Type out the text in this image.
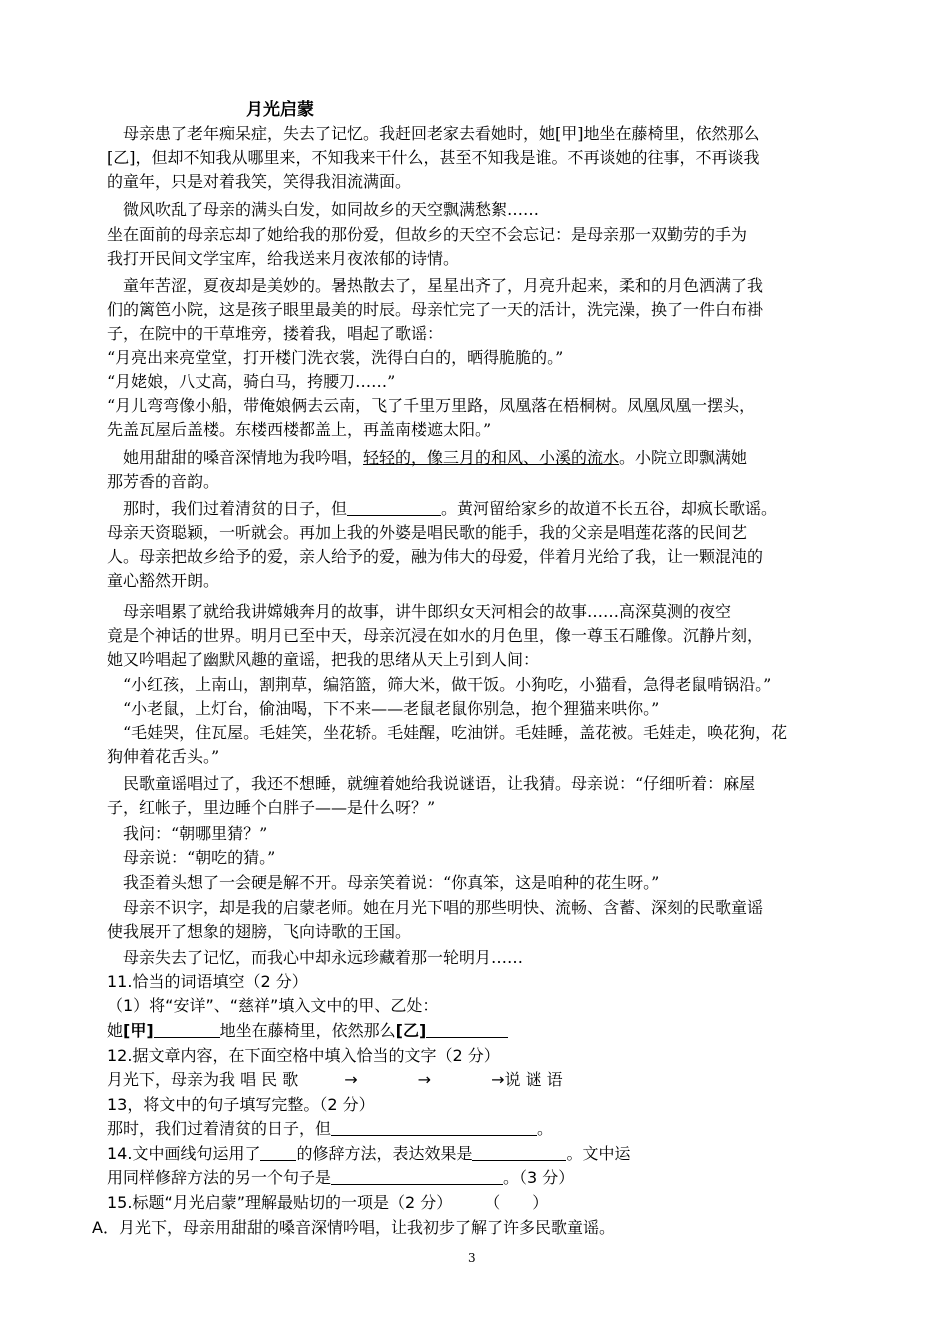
月光启蒙
　母亲患了老年痴呆症，失去了记忆。我赶回老家去看她时，她[甲]地坐在藤椅里，依然那么
[乙]，但却不知我从哪里来，不知我来干什么，甚至不知我是谁。不再谈她的往事，不再谈我
的童年，只是对着我笑，笑得我泪流满面。
　微风吹乱了母亲的满头白发，如同故乡的天空飘满愁絮……
坐在面前的母亲忘却了她给我的那份爱，但故乡的天空不会忘记：是母亲那一双勤劳的手为
我打开民间文学宝库，给我送来月夜浓郁的诗情。
　童年苦涩，夏夜却是美妙的。暑热散去了，星星出齐了，月亮升起来，柔和的月色洒满了我
们的篱笆小院，这是孩子眼里最美的时辰。母亲忙完了一天的活计，洗完澡，换了一件白布褂
子，在院中的干草堆旁，搂着我，唱起了歌谣：
“月亮出来亮堂堂，打开楼门洗衣裳，洗得白白的，晒得脆脆的。”
“月姥娘，八丈高，骑白马，挎腰刀……”
“月儿弯弯像小船，带俺娘俩去云南，飞了千里万里路，凤凰落在梧桐树。凤凰凤凰一摆头，
先盖瓦屋后盖楼。东楼西楼都盖上，再盖南楼遮太阳。”
　她用甜甜的嗓音深情地为我吟唱，轻轻的，像三月的和风、小溪的流水。小院立即飘满她
那芳香的音韵。
　那时，我们过着清贫的日子，但	。黄河留给家乡的故道不长五谷，却疯长歌谣。
母亲天资聪颖，一听就会。再加上我的外婆是唱民歌的能手，我的父亲是唱莲花落的民间艺
人。母亲把故乡给予的爱，亲人给予的爱，融为伟大的母爱，伴着月光给了我，让一颗混沌的
童心豁然开朗。
　母亲唱累了就给我讲嫦娥奔月的故事，讲牛郎织女天河相会的故事……高深莫测的夜空
竟是个神话的世界。明月已至中天，母亲沉浸在如水的月色里，像一尊玉石雕像。沉静片刻，
她又吟唱起了幽默风趣的童谣，把我的思绪从天上引到人间：
　“小红孩，上南山，割荆草，编箔篮，筛大米，做干饭。小狗吃，小猫看，急得老鼠啃锅沿。”
　“小老鼠，上灯台，偷油喝，下不来——老鼠老鼠你别急，抱个狸猫来哄你。”
　“毛娃哭，住瓦屋。毛娃笑，坐花轿。毛娃醒，吃油饼。毛娃睡，盖花被。毛娃走，唤花狗，花
狗伸着花舌头。”
　民歌童谣唱过了，我还不想睡，就缠着她给我说谜语，让我猜。母亲说：“仔细听着：麻屋
子，红帐子，里边睡个白胖子——是什么呀？”
　我问：“朝哪里猜？”
　母亲说：“朝吃的猜。”
　我歪着头想了一会硬是解不开。母亲笑着说：“你真笨，这是咱种的花生呀。”
　母亲不识字，却是我的启蒙老师。她在月光下唱的那些明快、流畅、含蓄、深刻的民歌童谣
使我展开了想象的翅膀，飞向诗歌的王国。
　母亲失去了记忆，而我心中却永远珍藏着那一轮明月……
11.恰当的词语填空（2 分）
（1）将“安详”、“慈祥”填入文中的甲、乙处：
她[甲]	地坐在藤椅里，依然那么[乙]
12.据文章内容，在下面空格中填入恰当的文字（2 分）
月光下，母亲为我 唱 民 歌	→	→	→说 谜 语
13，将文中的句子填写完整。（2 分）
那时，我们过着清贫的日子，但	。
14.文中画线句运用了 的修辞方法，表达效果是	。文中运
用同样修辞方法的另一个句子是	。（3 分）
15.标题“月光启蒙”理解最贴切的一项是（2 分）　　　（　　）
A．月光下，母亲用甜甜的嗓音深情吟唱，让我初步了解了许多民歌童谣。
3
